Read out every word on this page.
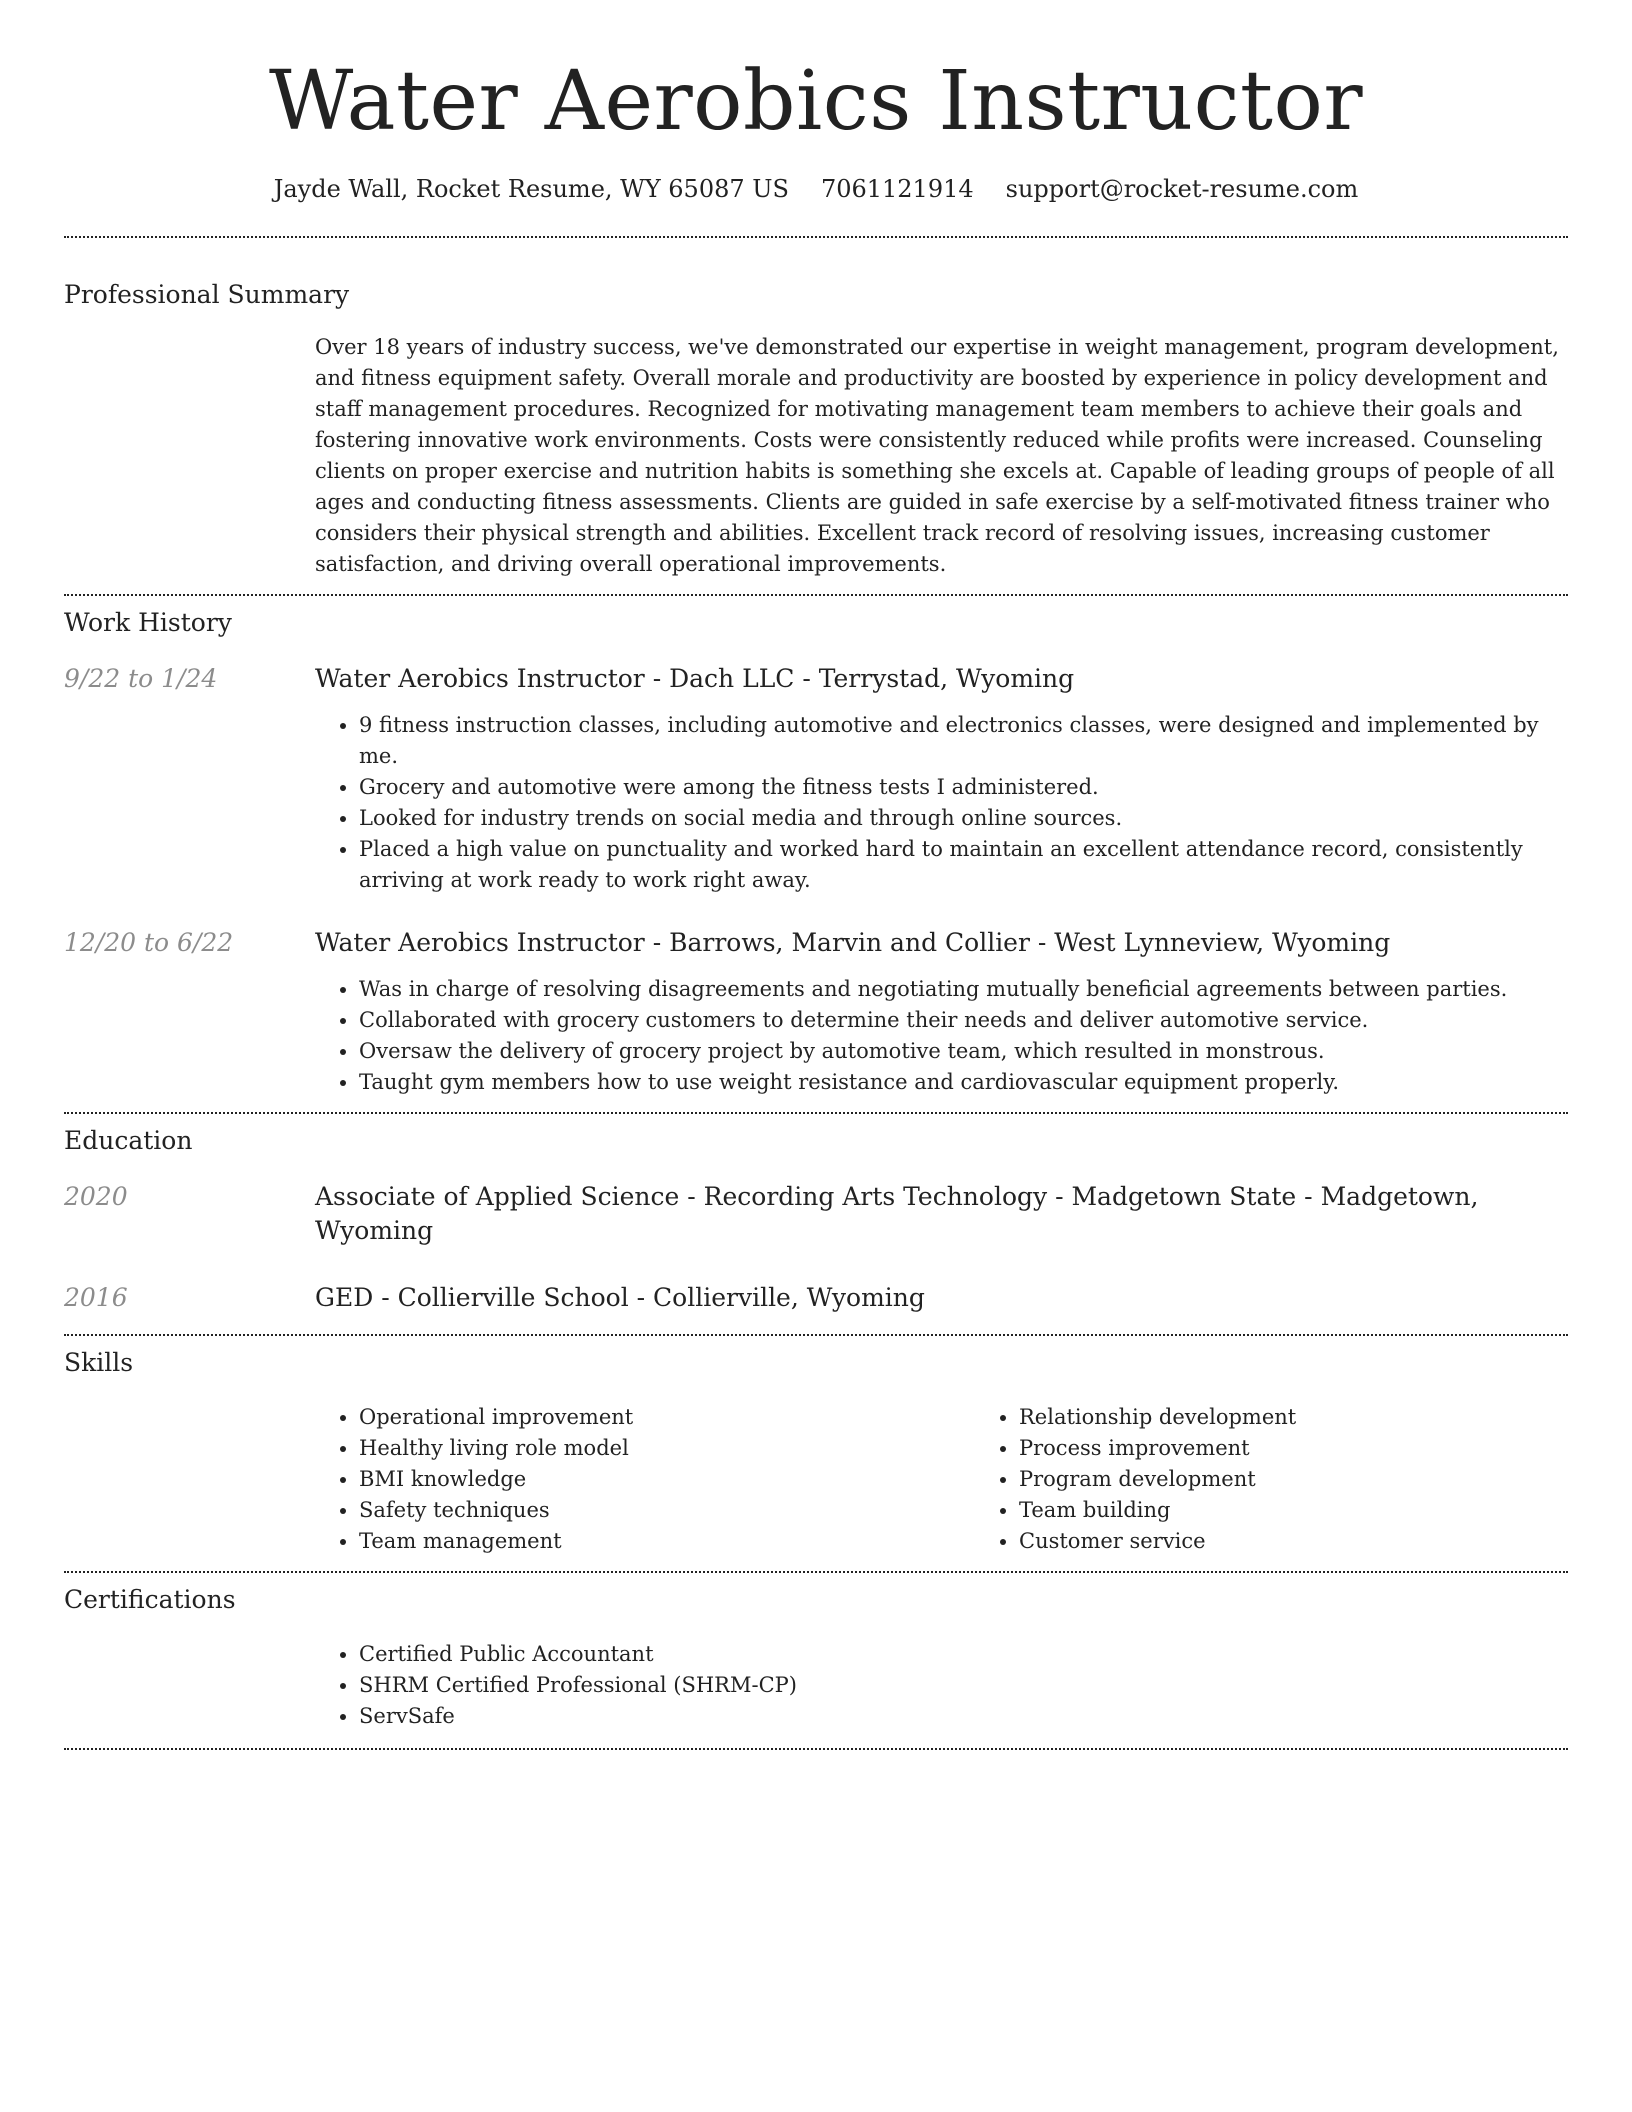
Water Aerobics Instructor
Jayde Wall, Rocket Resume, WY 65087 US 7061121914 support@rocket-resume.com
Professional Summary

Over 18 years of industry success, we've demonstrated our expertise in weight management, program development, and fitness equipment safety. Overall morale and productivity are boosted by experience in policy development and staff management procedures. Recognized for motivating management team members to achieve their goals and fostering innovative work environments. Costs were consistently reduced while profits were increased. Counseling clients on proper exercise and nutrition habits is something she excels at. Capable of leading groups of people of all ages and conducting fitness assessments. Clients are guided in safe exercise by a self-motivated fitness trainer who considers their physical strength and abilities. Excellent track record of resolving issues, increasing customer satisfaction, and driving overall operational improvements.

Work History
9/22 to 1/24	Water Aerobics Instructor - Dach LLC - Terrystad, Wyoming
• 9 fitness instruction classes, including automotive and electronics classes, were designed and implemented by me.
• Grocery and automotive were among the fitness tests I administered.
• Looked for industry trends on social media and through online sources.
• Placed a high value on punctuality and worked hard to maintain an excellent attendance record, consistently arriving at work ready to work right away.
12/20 to 6/22	Water Aerobics Instructor - Barrows, Marvin and Collier - West Lynneview, Wyoming
• Was in charge of resolving disagreements and negotiating mutually beneficial agreements between parties.
• Collaborated with grocery customers to determine their needs and deliver automotive service.
• Oversaw the delivery of grocery project by automotive team, which resulted in monstrous.
• Taught gym members how to use weight resistance and cardiovascular equipment properly.
Education
2020	Associate of Applied Science - Recording Arts Technology - Madgetown State - Madgetown, Wyoming
2016	GED - Collierville School - Collierville, Wyoming
Skills
• Operational improvement
• Healthy living role model
• BMI knowledge
• Safety techniques
• Team management
• Relationship development
• Process improvement
• Program development
• Team building
• Customer service
Certifications
• Certified Public Accountant
• SHRM Certified Professional (SHRM-CP)
• ServSafe
